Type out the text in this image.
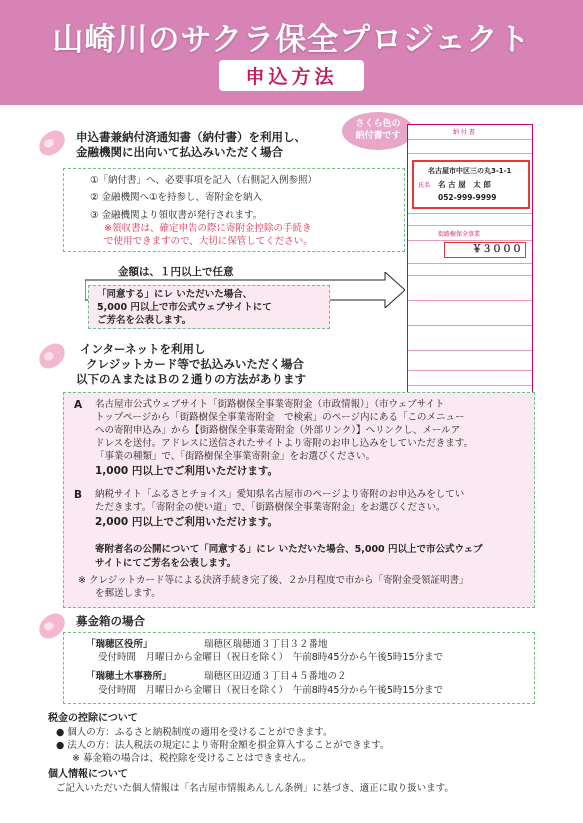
山崎川のサクラ保全プロジェクト
申込方法
申込書兼納付済通知書（納付書）を利用し、
金融機関に出向いて払込みいただく場合
さくら色の
納付書です
①「納付書」へ、必要事項を記入（右側記入例参照）
② 金融機関へ①を持参し、寄附金を納入
③ 金融機関より領収書が発行されます。
※領収書は、確定申告の際に寄附金控除の手続き
で使用できますので、大切に保管してください。
金額は、１円以上で任意
「同意する」にレ いただいた場合、
5,000 円以上で市公式ウェブサイトにて
ご芳名を公表します。
納 付 書
街路樹保全事業
名古屋市中区三の丸3-1-1
氏名 名 古 屋　太 郎
052-999-9999
￥３０００
インターネットを利用し
クレジットカード等で払込みいただく場合
以下のＡまたはＢの２通りの方法があります
A 名古屋市公式ウェブサイト「街路樹保全事業寄附金（市政情報）」（市ウェブサイト
トップページから「街路樹保全事業寄附金　で検索」のページ内にある「このメニュー
への寄附申込み」から【街路樹保全事業寄附金（外部リンク）】へリンクし、メールア
ドレスを送付。アドレスに送信されたサイトより寄附のお申し込みをしていただきます。
「事業の種類」で、「街路樹保全事業寄附金」をお選びください。
1,000 円以上でご利用いただけます。
B 納税サイト「ふるさとチョイス」愛知県名古屋市のページより寄附のお申込みをしてい
ただきます。「寄附金の使い道」で、「街路樹保全事業寄附金」をお選びください。
2,000 円以上でご利用いただけます。
寄附者名の公開について「同意する」にレ いただいた場合、5,000 円以上で市公式ウェブ
サイトにてご芳名を公表します。
※ クレジットカード等による決済手続き完了後、２か月程度で市から「寄附金受領証明書」
を郵送します。
募金箱の場合
「瑞穂区役所」	瑞穂区瑞穂通３丁目３２番地
受付時間　月曜日から金曜日（祝日を除く）　午前8時45分から午後5時15分まで
「瑞穂土木事務所」	瑞穂区田辺通３丁目４５番地の２
受付時間　月曜日から金曜日（祝日を除く）　午前8時45分から午後5時15分まで
税金の控除について
● 個人の方：ふるさと納税制度の適用を受けることができます。
● 法人の方：法人税法の規定により寄附金額を損金算入することができます。
※ 募金箱の場合は、税控除を受けることはできません。
個人情報について
ご記入いただいた個人情報は「名古屋市情報あんしん条例」に基づき、適正に取り扱います。
